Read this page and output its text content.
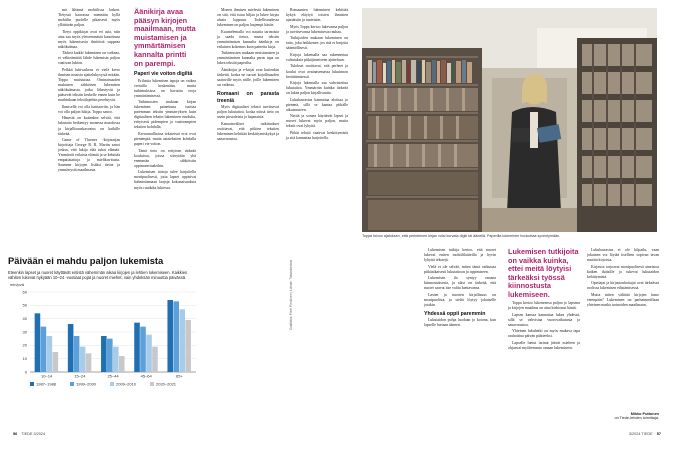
mä lähinnä mobiilissa lasken. Tietyssä kaavassa mennään kyllä mobiilin puolelle pikaisesti myös yllättävän paljon.

Tietyt oppikirjat ovat eri asia, niin aina saa myös yleisemmästä katsottuna myös lukemisesta ilmiöistä suppeaa näkökulmaa.

Tärkeä kaikki lukeminen on vaikeaa, ei vältteämättä lähde lukemista paljon vaativan lukion.

Pelkkä lukivaikeus ei vielä kerro ihmisen muusta ajattelukyvystä mitään. Toppa muistuttaa. Ominaisuuden mukaisen sähköisen lukemisen näkökulmasta, jotka lähestyvät ja pääsevät tekstin keskelle ennen kuin he muihinkaan tekstilajeihin perehtyvät.

Ihmisellä voi olla haittaaviin, ja hän voi olla paljon lukija. Toppa sanoo.

Hänestä on kuitenkin selvää, että lukutaito heikentyy monessa muodossa ja kirjallisuuskasvatus on kaikille tärkeää.

Game of Thrones -kirjasarjan kirjoittaja George R. R. Martin sanoi joskus, että lukija elää tuhat elämää. Ymmärrät erilaisia elämiä ja se kehittää empatiataitoja ja mielikuvitusta. Saamme kirjojen lisäksi tietoa ja ymmärrystä maailmasta.

Äänikirja avaa pääsyn kirjojen maailmaan, mutta muistamisen ja ymmärtämisen kannalta printti on parempi.

Paperi vie voiton digiltä

Erilaisia lukemisen tapoja on vaikea vertailla keskenään, mutta tutkimuksissa on havaittu eroja ymmärtämisessä.

Tutkimusten mukaan kirjan lukeminen painettuna tuottaa paremman tekstin ymmärryksen kuin digitaalisen tekstin lukeminen ruudulta, erityisesti pidempien ja vaativampien tekstien kohdalla.

Kerronnallisissa teksteissä erot ovat pienempiä, mutta asiatekstien kohdalla paperi vie voiton.

Tämä tieto on erityisen tärkeää kouluissa, joissa siirrytään yhä enemmän sähköisiin oppimateriaaleihin.

Lukemisen taitoja tulee harjoitella monipuolisesti, jotta lapset oppisivat hahmottamaan laajoja kokonaisuuksia myös ruudulta lukiessa.

Monen ihmisen mielestä lukeminen on sitä, että istuu hiljaa ja lukee kirjaa alusta loppuun. Todellisuudessa lukeminen on paljon laajempi käsite.

Kuuntelemalla voi nauttia tarinoista ja saada tietoa, mutta tekstin ymmärtämisen kannalta äänikirja on erilainen kokemus kuin painettu kirja.

Tutkimusten mukaan muistamisen ja ymmärtämisen kannalta paras tapa on lukea tekstiä paperilta.

Äänikirjat ja e-kirjat ovat kuitenkin tärkeitä, koska ne tuovat kirjallisuuden saataville myös niille, joille lukeminen on vaikeaa.

Romaani on parasta treeniä

Myös digitaaliset tekstit tarvitsevat paljon lukutaitoa, koska niissä tieto on usein pirstaleista ja hajanaista.

Kansainväliset tutkimukset osoittavat, että pitkien tekstien lukeminen kehittää keskittymiskykyä ja sanavarastoa.

Romaanien lukeminen kehittää kykyä eläytyä toisten ihmisten ajatuksiin ja tunteisiin.

Myös Toppa kertoo lukevansa paljon ja tarvitsevansa lukemisesta rauhaa.

Tutkijoiden mukaan lukeminen on taito, joka heikkenee, jos sitä ei harjoita säännöllisesti.

Kirjoja lukemalla saa rakennettua valmiuksia pitkäjänteiseen ajatteluun.

Tulokset osoittavat, että perheet ja koulut ovat avainasemassa lukuinnon herättämisessä.

Kirjoja lukemalla saa vahvistettua lukutaitoa. Ymmärrän kuinka tärkeää on lukea paljon kirjallisuutta.

Lukuharrastus kannattaa aloittaa jo pienenä, sillä se kantaa pitkälle aikuisuuteen.

Nettiä ja somea käyttävät lapset ja nuoret lukevat myös paljon, mutta tekstit ovat lyhyitä.

Pitkät tekstit vaativat keskittymistä ja sitä kannattaa harjoitella.

Toppa toivoo ajatuksen, että perinteinen kirjan voisi korvata digiti tai äänellä. Paperilla lukeminen houkuttaa syventymään.
Grafiikka: Piein Pirskinen | Lähde: Tilastokeskus
Päivään ei mahdu paljon lukemista

Eteenkin lapset ja nuoret käyttävät entistä vähemmän aikaa kirjojen ja lehtien lukemiseen. Kaikkien vähiten lukevat nykyään 10–24 -vuotiaat pojat ja nuoret miehet, vain yhdeksän minuuttia päivässä.

min/pvä
0
10
20
30
40
50
60
10–14	15–24	25–44	45–64	65+
1987–1988	1999–2000	2009–2010	2020–2021

Lukemisen tutkija kertoo, että nuoret lukevat eniten mobiililaitteilla ja hyvin lyhyitä tekstejä.

Vielä ei ole selvää, miten tämä vaikuttaa pitkäaikaisesti lukutaitoon ja oppimiseen.

Lukemisen ilo syntyy omasta kiinnostuksesta, ja siksi on tärkeää, että nuoret saavat itse valita luettavansa.

Lasten ja nuorten kirjallisuus on monipuolista, ja sieltä löytyy jokaiselle jotakin.

Yhdessä oppii paremmin

Lukutaidon pohja luodaan jo kotona, kun lapselle luetaan ääneen.

Lukemisen tutkijoita on vaikka kuinka, ettei meitä löytyisi tärkeäksi työssä kiinnostusta lukemiseen.

Toppa kertoo lukeneensa paljon jo lapsena ja kirjojen maailma on aina kiehtonut häntä.

Lapsen kanssa kannattaa lukea yhdessä, sillä se vahvistaa vuorovaikutusta ja sanavarastoa.

Yhteinen lukuhetki on myös mukava tapa rauhoittua päivän päätteeksi.

Lapselle luetut tarinat jäävät mieleen ja ohjaavat myöhemmin omaan lukemiseen.

Lukuharrastus ei ole kilpailu, vaan jokainen voi löytää itselleen sopivan tavan nauttia kirjoista.

Kirjastot tarjoavat monipuolisesti aineistoa kaiken ikäisille ja tukevat lukutaidon kehittymistä.

Opettajat ja kirjastonhoitajat ovat tärkeässä roolissa lukemisen edistämisessä.

Mutta miten välittää kirjojen lumo eteenpäin? Lukeminen on parhaimmillaan yhteinen matka tarinoiden maailmaan.

Mikko Puttonen
on Tiede-lehden toimittaja.
56 TIEDE 3/2024	3/2024 TIEDE 57
